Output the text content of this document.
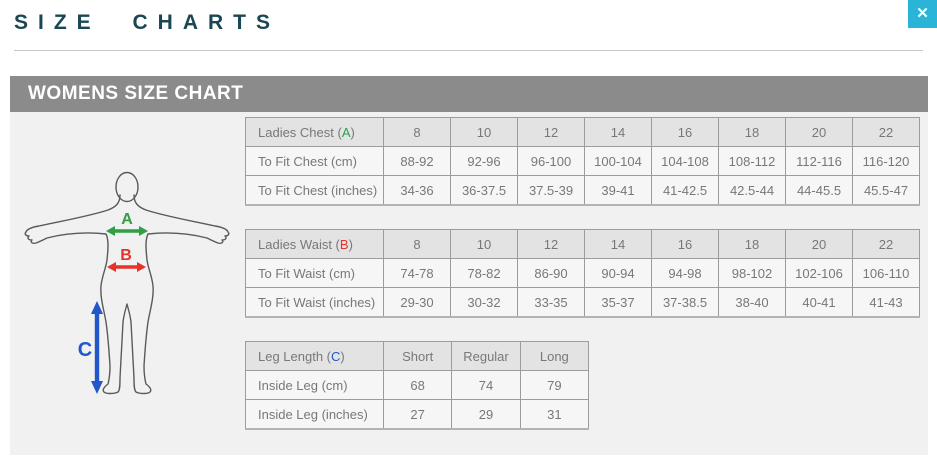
SIZE CHARTS	✕
WOMENS SIZE CHART
A
B
C
Ladies Chest (A)	8	10	12	14	16	18	20	22
To Fit Chest (cm)	88-92	92-96	96-100	100-104	104-108	108-112	112-116	116-120
To Fit Chest (inches)	34-36	36-37.5	37.5-39	39-41	41-42.5	42.5-44	44-45.5	45.5-47
Ladies Waist (B)	8	10	12	14	16	18	20	22
To Fit Waist (cm)	74-78	78-82	86-90	90-94	94-98	98-102	102-106	106-110
To Fit Waist (inches)	29-30	30-32	33-35	35-37	37-38.5	38-40	40-41	41-43
Leg Length (C)	Short	Regular	Long
Inside Leg (cm)	68	74	79
Inside Leg (inches)	27	29	31
